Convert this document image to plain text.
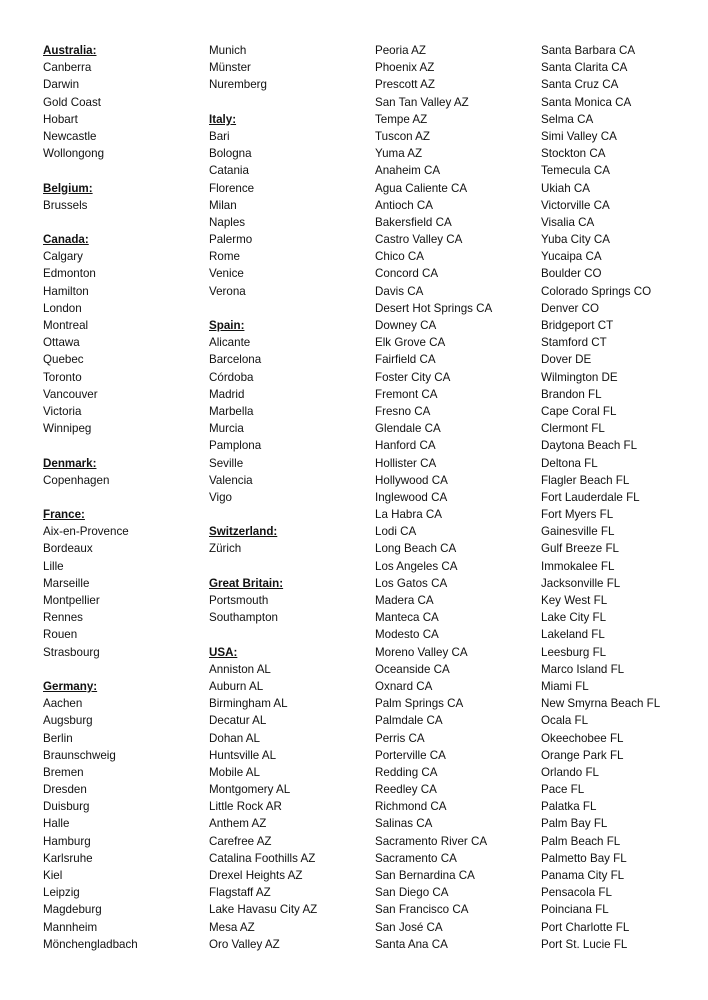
Australia:
Canberra
Darwin
Gold Coast
Hobart
Newcastle
Wollongong
Belgium:
Brussels
Canada:
Calgary
Edmonton
Hamilton
London
Montreal
Ottawa
Quebec
Toronto
Vancouver
Victoria
Winnipeg
Denmark:
Copenhagen
France:
Aix-en-Provence
Bordeaux
Lille
Marseille
Montpellier
Rennes
Rouen
Strasbourg
Germany:
Aachen
Augsburg
Berlin
Braunschweig
Bremen
Dresden
Duisburg
Halle
Hamburg
Karlsruhe
Kiel
Leipzig
Magdeburg
Mannheim
Mönchengladbach
Munich
Münster
Nuremberg
Italy:
Bari
Bologna
Catania
Florence
Milan
Naples
Palermo
Rome
Venice
Verona
Spain:
Alicante
Barcelona
Córdoba
Madrid
Marbella
Murcia
Pamplona
Seville
Valencia
Vigo
Switzerland:
Zürich
Great Britain:
Portsmouth
Southampton
USA:
Anniston AL
Auburn AL
Birmingham AL
Decatur AL
Dohan AL
Huntsville AL
Mobile AL
Montgomery AL
Little Rock AR
Anthem AZ
Carefree AZ
Catalina Foothills AZ
Drexel Heights AZ
Flagstaff AZ
Lake Havasu City AZ
Mesa AZ
Oro Valley AZ
Peoria AZ
Phoenix AZ
Prescott AZ
San Tan Valley AZ
Tempe AZ
Tuscon AZ
Yuma AZ
Anaheim CA
Agua Caliente CA
Antioch CA
Bakersfield CA
Castro Valley CA
Chico CA
Concord CA
Davis CA
Desert Hot Springs CA
Downey CA
Elk Grove CA
Fairfield CA
Foster City CA
Fremont CA
Fresno CA
Glendale CA
Hanford CA
Hollister CA
Hollywood CA
Inglewood CA
La Habra CA
Lodi CA
Long Beach CA
Los Angeles CA
Los Gatos CA
Madera CA
Manteca CA
Modesto CA
Moreno Valley CA
Oceanside CA
Oxnard CA
Palm Springs CA
Palmdale CA
Perris CA
Porterville CA
Redding CA
Reedley CA
Richmond CA
Salinas CA
Sacramento River CA
Sacramento CA
San Bernardina CA
San Diego CA
San Francisco CA
San José CA
Santa Ana CA
Santa Barbara CA
Santa Clarita CA
Santa Cruz CA
Santa Monica CA
Selma CA
Simi Valley CA
Stockton CA
Temecula CA
Ukiah CA
Victorville CA
Visalia CA
Yuba City CA
Yucaipa CA
Boulder CO
Colorado Springs CO
Denver CO
Bridgeport CT
Stamford CT
Dover DE
Wilmington DE
Brandon FL
Cape Coral FL
Clermont FL
Daytona Beach FL
Deltona FL
Flagler Beach FL
Fort Lauderdale FL
Fort Myers FL
Gainesville FL
Gulf Breeze FL
Immokalee FL
Jacksonville FL
Key West FL
Lake City FL
Lakeland FL
Leesburg FL
Marco Island FL
Miami FL
New Smyrna Beach FL
Ocala FL
Okeechobee FL
Orange Park FL
Orlando FL
Pace FL
Palatka FL
Palm Bay FL
Palm Beach FL
Palmetto Bay FL
Panama City FL
Pensacola FL
Poinciana FL
Port Charlotte FL
Port St. Lucie FL
